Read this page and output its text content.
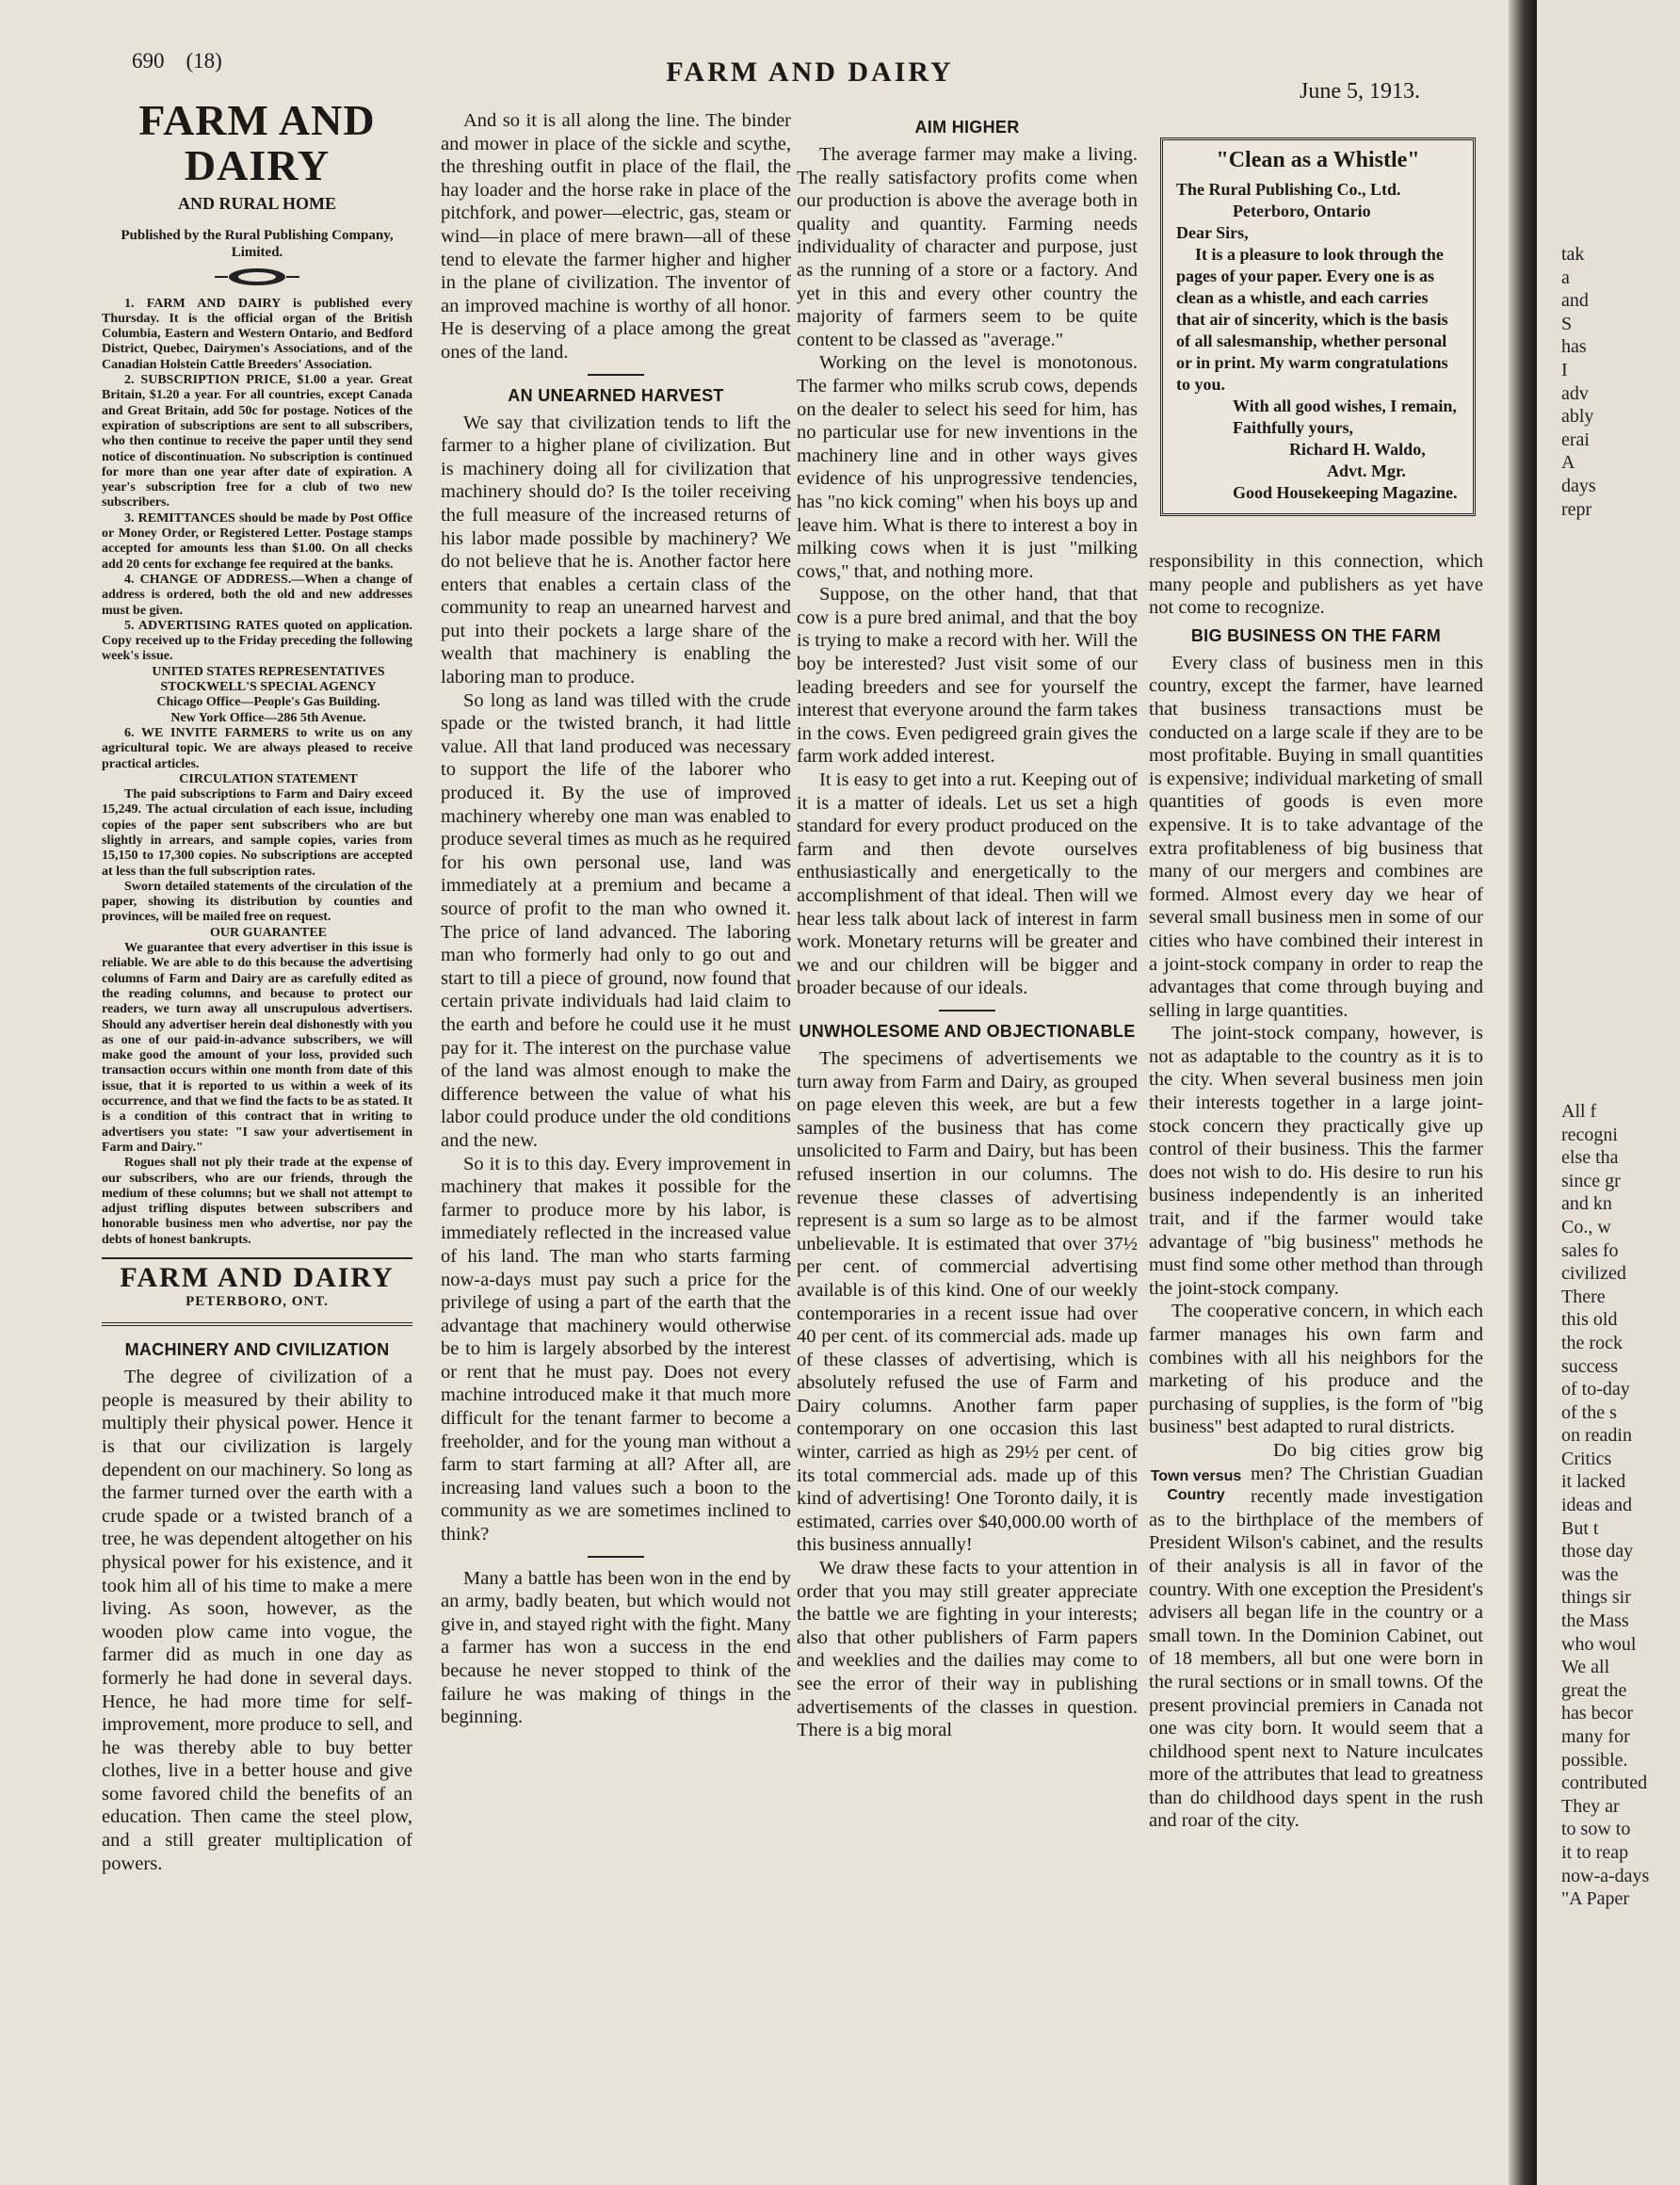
690 (18)	FARM AND DAIRY
June 5, 1913.
FARM AND DAIRY
AND RURAL HOME
Published by the Rural Publishing Company, Limited.

1. FARM AND DAIRY is published every Thursday. It is the official organ of the British Columbia, Eastern and Western Ontario, and Bedford District, Quebec, Dairymen's Associations, and of the Canadian Holstein Cattle Breeders' Association.

2. SUBSCRIPTION PRICE, $1.00 a year. Great Britain, $1.20 a year. For all countries, except Canada and Great Britain, add 50c for postage. Notices of the expiration of subscriptions are sent to all subscribers, who then continue to receive the paper until they send notice of discontinuation. No subscription is continued for more than one year after date of expiration. A year's subscription free for a club of two new subscribers.

3. REMITTANCES should be made by Post Office or Money Order, or Registered Letter. Postage stamps accepted for amounts less than $1.00. On all checks add 20 cents for exchange fee required at the banks.

4. CHANGE OF ADDRESS.—When a change of address is ordered, both the old and new addresses must be given.

5. ADVERTISING RATES quoted on application. Copy received up to the Friday preceding the following week's issue.

UNITED STATES REPRESENTATIVES

STOCKWELL'S SPECIAL AGENCY

Chicago Office—People's Gas Building.

New York Office—286 5th Avenue.

6. WE INVITE FARMERS to write us on any agricultural topic. We are always pleased to receive practical articles.

CIRCULATION STATEMENT

The paid subscriptions to Farm and Dairy exceed 15,249. The actual circulation of each issue, including copies of the paper sent subscribers who are but slightly in arrears, and sample copies, varies from 15,150 to 17,300 copies. No subscriptions are accepted at less than the full subscription rates.

Sworn detailed statements of the circulation of the paper, showing its distribution by counties and provinces, will be mailed free on request.

OUR GUARANTEE

We guarantee that every advertiser in this issue is reliable. We are able to do this because the advertising columns of Farm and Dairy are as carefully edited as the reading columns, and because to protect our readers, we turn away all unscrupulous advertisers. Should any advertiser herein deal dishonestly with you as one of our paid-in-advance subscribers, we will make good the amount of your loss, provided such transaction occurs within one month from date of this issue, that it is reported to us within a week of its occurrence, and that we find the facts to be as stated. It is a condition of this contract that in writing to advertisers you state: "I saw your advertisement in Farm and Dairy."

Rogues shall not ply their trade at the expense of our subscribers, who are our friends, through the medium of these columns; but we shall not attempt to adjust trifling disputes between subscribers and honorable business men who advertise, nor pay the debts of honest bankrupts.

FARM AND DAIRY
PETERBORO, ONT.
MACHINERY AND CIVILIZATION

The degree of civilization of a people is measured by their ability to multiply their physical power. Hence it is that our civilization is largely dependent on our machinery. So long as the farmer turned over the earth with a crude spade or a twisted branch of a tree, he was dependent altogether on his physical power for his existence, and it took him all of his time to make a mere living. As soon, however, as the wooden plow came into vogue, the farmer did as much in one day as formerly he had done in several days. Hence, he had more time for self-improvement, more produce to sell, and he was thereby able to buy better clothes, live in a better house and give some favored child the benefits of an education. Then came the steel plow, and a still greater multiplication of powers.

And so it is all along the line. The binder and mower in place of the sickle and scythe, the threshing outfit in place of the flail, the hay loader and the horse rake in place of the pitchfork, and power—electric, gas, steam or wind—in place of mere brawn—all of these tend to elevate the farmer higher and higher in the plane of civilization. The inventor of an improved machine is worthy of all honor. He is deserving of a place among the great ones of the land.

AN UNEARNED HARVEST

We say that civilization tends to lift the farmer to a higher plane of civilization. But is machinery doing all for civilization that machinery should do? Is the toiler receiving the full measure of the increased returns of his labor made possible by machinery? We do not believe that he is. Another factor here enters that enables a certain class of the community to reap an unearned harvest and put into their pockets a large share of the wealth that machinery is enabling the laboring man to produce.

So long as land was tilled with the crude spade or the twisted branch, it had little value. All that land produced was necessary to support the life of the laborer who produced it. By the use of improved machinery whereby one man was enabled to produce several times as much as he required for his own personal use, land was immediately at a premium and became a source of profit to the man who owned it. The price of land advanced. The laboring man who formerly had only to go out and start to till a piece of ground, now found that certain private individuals had laid claim to the earth and before he could use it he must pay for it. The interest on the purchase value of the land was almost enough to make the difference between the value of what his labor could produce under the old conditions and the new.

So it is to this day. Every improvement in machinery that makes it possible for the farmer to produce more by his labor, is immediately reflected in the increased value of his land. The man who starts farming now-a-days must pay such a price for the privilege of using a part of the earth that the advantage that machinery would otherwise be to him is largely absorbed by the interest or rent that he must pay. Does not every machine introduced make it that much more difficult for the tenant farmer to become a freeholder, and for the young man without a farm to start farming at all? After all, are increasing land values such a boon to the community as we are sometimes inclined to think?

Many a battle has been won in the end by an army, badly beaten, but which would not give in, and stayed right with the fight. Many a farmer has won a success in the end because he never stopped to think of the failure he was making of things in the beginning.

AIM HIGHER

The average farmer may make a living. The really satisfactory profits come when our production is above the average both in quality and quantity. Farming needs individuality of character and purpose, just as the running of a store or a factory. And yet in this and every other country the majority of farmers seem to be quite content to be classed as "average."

Working on the level is monotonous. The farmer who milks scrub cows, depends on the dealer to select his seed for him, has no particular use for new inventions in the machinery line and in other ways gives evidence of his unprogressive tendencies, has "no kick coming" when his boys up and leave him. What is there to interest a boy in milking cows when it is just "milking cows," that, and nothing more.

Suppose, on the other hand, that that cow is a pure bred animal, and that the boy is trying to make a record with her. Will the boy be interested? Just visit some of our leading breeders and see for yourself the interest that everyone around the farm takes in the cows. Even pedigreed grain gives the farm work added interest.

It is easy to get into a rut. Keeping out of it is a matter of ideals. Let us set a high standard for every product produced on the farm and then devote ourselves enthusiastically and energetically to the accomplishment of that ideal. Then will we hear less talk about lack of interest in farm work. Monetary returns will be greater and we and our children will be bigger and broader because of our ideals.

UNWHOLESOME AND OBJECTIONABLE

The specimens of advertisements we turn away from Farm and Dairy, as grouped on page eleven this week, are but a few samples of the business that has come unsolicited to Farm and Dairy, but has been refused insertion in our columns. The revenue these classes of advertising represent is a sum so large as to be almost unbelievable. It is estimated that over 37½ per cent. of commercial advertising available is of this kind. One of our weekly contemporaries in a recent issue had over 40 per cent. of its commercial ads. made up of these classes of advertising, which is absolutely refused the use of Farm and Dairy columns. Another farm paper contemporary on one occasion this last winter, carried as high as 29½ per cent. of its total commercial ads. made up of this kind of advertising! One Toronto daily, it is estimated, carries over $40,000.00 worth of this business annually!

We draw these facts to your attention in order that you may still greater appreciate the battle we are fighting in your interests; also that other publishers of Farm papers and weeklies and the dailies may come to see the error of their way in publishing advertisements of the classes in question. There is a big moral

"Clean as a Whistle"
The Rural Publishing Co., Ltd.
Peterboro, Ontario
Dear Sirs,
It is a pleasure to look through the pages of your paper. Every one is as clean as a whistle, and each carries that air of sincerity, which is the basis of all salesmanship, whether personal or in print. My warm congratulations to you.
With all good wishes, I remain,
Faithfully yours,
Richard H. Waldo,
Advt. Mgr.
Good Housekeeping Magazine.

responsibility in this connection, which many people and publishers as yet have not come to recognize.

BIG BUSINESS ON THE FARM

Every class of business men in this country, except the farmer, have learned that business transactions must be conducted on a large scale if they are to be most profitable. Buying in small quantities is expensive; individual marketing of small quantities of goods is even more expensive. It is to take advantage of the extra profitableness of big business that many of our mergers and combines are formed. Almost every day we hear of several small business men in some of our cities who have combined their interest in a joint-stock company in order to reap the advantages that come through buying and selling in large quantities.

The joint-stock company, however, is not as adaptable to the country as it is to the city. When several business men join their interests together in a large joint-stock concern they practically give up control of their business. This the farmer does not wish to do. His desire to run his business independently is an inherited trait, and if the farmer would take advantage of "big business" methods he must find some other method than through the joint-stock company.

The cooperative concern, in which each farmer manages his own farm and combines with all his neighbors for the marketing of his produce and the purchasing of supplies, is the form of "big business" best adapted to rural districts.

Town versus Country

Do big cities grow big men? The Christian Guadian recently made investigation as to the birthplace of the members of President Wilson's cabinet, and the results of their analysis is all in favor of the country. With one exception the President's advisers all began life in the country or a small town. In the Dominion Cabinet, out of 18 members, all but one were born in the rural sections or in small towns. Of the present provincial premiers in Canada not one was city born. It would seem that a childhood spent next to Nature inculcates more of the attributes that lead to greatness than do childhood days spent in the rush and roar of the city.

tak
a
and
S
has
I
adv
ably
erai
A
days
repr

All f
recogni
else tha
since gr
and kn
Co., w
sales fo
civilized
There
this old
the rock
success
of to-day
of the s
on readin
Critics
it lacked
ideas and
But t
those day
was the
things sir
the Mass
who woul
We all
great the
has becor
many for
possible.
contributed
They ar
to sow to
it to reap
now-a-days
"A Paper
